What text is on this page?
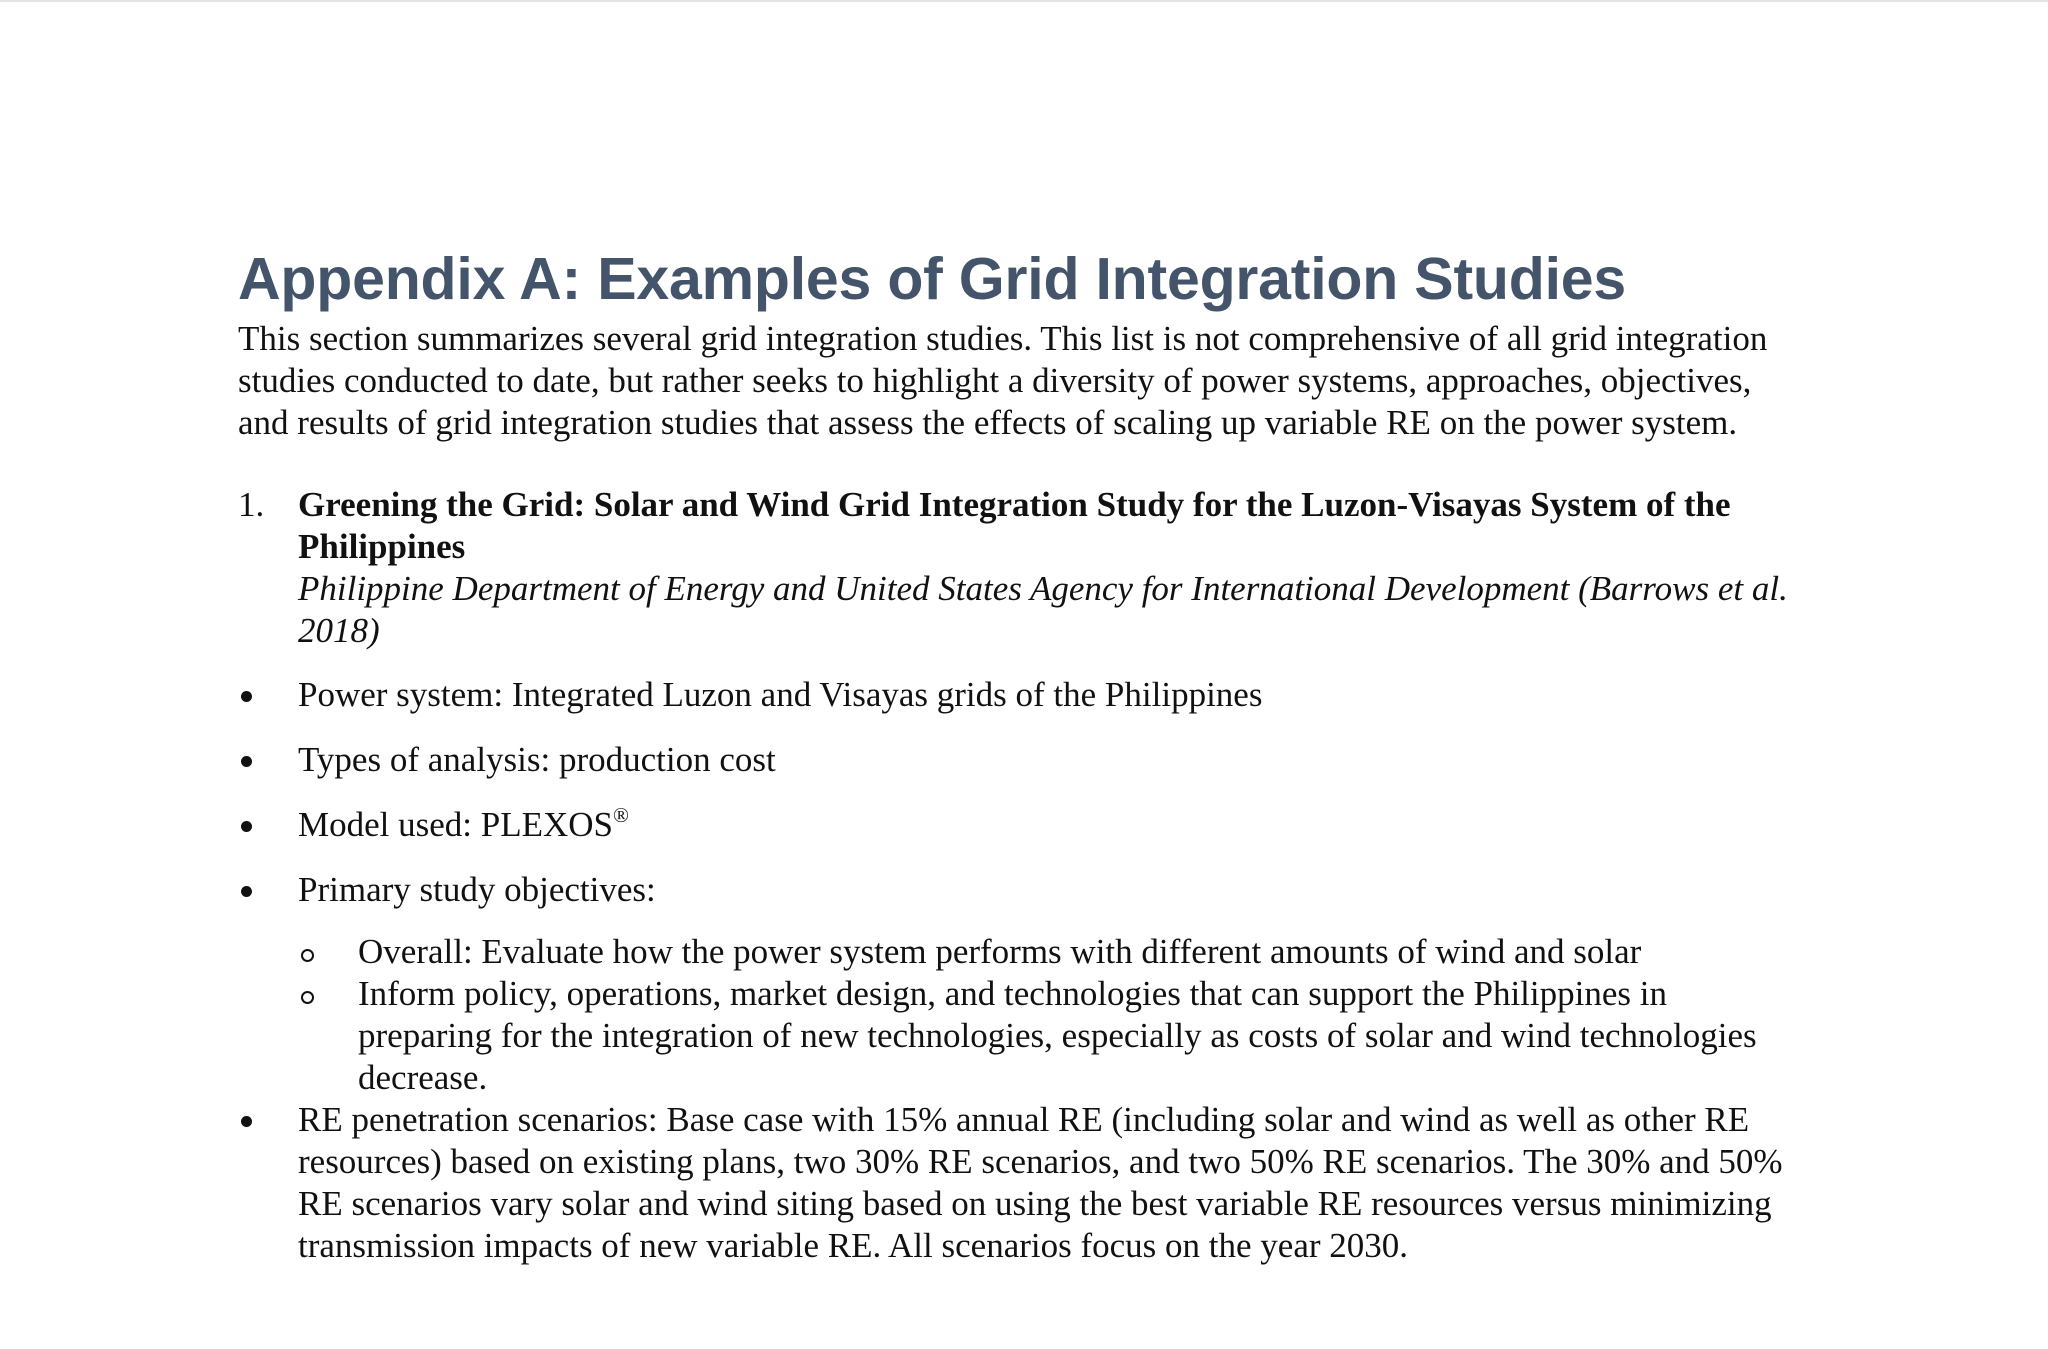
Appendix A: Examples of Grid Integration Studies

This section summarizes several grid integration studies. This list is not comprehensive of all grid integration studies conducted to date, but rather seeks to highlight a diversity of power systems, approaches, objectives, and results of grid integration studies that assess the effects of scaling up variable RE on the power system.

1. Greening the Grid: Solar and Wind Grid Integration Study for the Luzon-Visayas System of the Philippines
Philippine Department of Energy and United States Agency for International Development (Barrows et al. 2018)
Power system: Integrated Luzon and Visayas grids of the Philippines
Types of analysis: production cost
Model used: PLEXOS®
Primary study objectives:
Overall: Evaluate how the power system performs with different amounts of wind and solar
Inform policy, operations, market design, and technologies that can support the Philippines in preparing for the integration of new technologies, especially as costs of solar and wind technologies decrease.
RE penetration scenarios: Base case with 15% annual RE (including solar and wind as well as other RE resources) based on existing plans, two 30% RE scenarios, and two 50% RE scenarios. The 30% and 50% RE scenarios vary solar and wind siting based on using the best variable RE resources versus minimizing transmission impacts of new variable RE. All scenarios focus on the year 2030.
